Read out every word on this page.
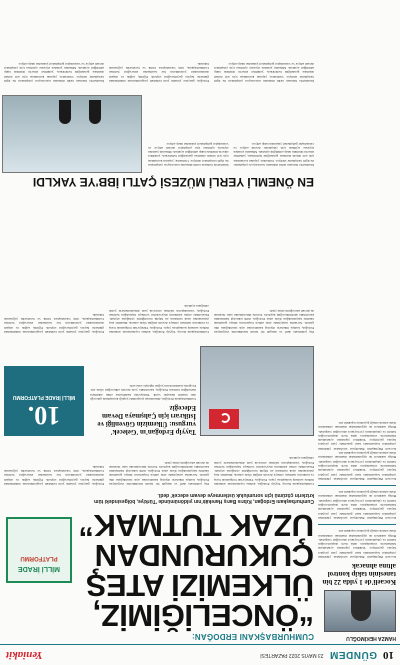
10
GÜNDEM
23 MAYIS 2022 PAZARTESİ
Yeniakit
HAMZA HEKİMOĞLU
Kocaeli'de 1 yılda 22 bin tanesinin takip kontrol altına alınacak
Kocaeli Büyükşehir Belediyesi tarafından yürütülen çalışmalar kapsamında kent genelinde yeni projeler hayata geçiriliyor. Yetkililer yaptıkları açıklamada hizmetlerin vatandaşlara daha hızlı ulaştırılacağını belirtti ve çalışmaların yıl boyunca süreceğini vurguladı. Bölge sakinleri de uygulamadan memnun olduklarını ifade ederek emeği geçenlere teşekkür etti.
Kocaeli Büyükşehir Belediyesi tarafından yürütülen çalışmalar kapsamında kent genelinde yeni projeler hayata geçiriliyor. Yetkililer yaptıkları açıklamada hizmetlerin vatandaşlara daha hızlı ulaştırılacağını belirtti ve çalışmaların yıl boyunca süreceğini vurguladı. Bölge sakinleri de uygulamadan memnun olduklarını ifade ederek emeği geçenlere teşekkür etti.
Kocaeli Büyükşehir Belediyesi tarafından yürütülen çalışmalar kapsamında kent genelinde yeni projeler hayata geçiriliyor. Yetkililer yaptıkları açıklamada hizmetlerin vatandaşlara daha hızlı ulaştırılacağını belirtti ve çalışmaların yıl boyunca süreceğini vurguladı. Bölge sakinleri de uygulamadan memnun olduklarını ifade ederek emeği geçenlere teşekkür etti.
Kocaeli Büyükşehir Belediyesi tarafından yürütülen çalışmalar kapsamında kent genelinde yeni projeler hayata geçiriliyor. Yetkililer yaptıkları açıklamada hizmetlerin vatandaşlara daha hızlı ulaştırılacağını belirtti ve çalışmaların yıl boyunca süreceğini vurguladı. Bölge sakinleri de uygulamadan memnun olduklarını ifade ederek emeği geçenlere teşekkür etti.
CUMHURBAŞKANI ERDOĞAN:
“ÖNCELİĞİMİZ, ÜLKEMİZİ ATEŞ ÇUKURUNDAN UZAK TUTMAK”
MİLLİ İRADE
PLATFORMU
Cumhurbaşkanı Erdoğan, Kıbrıs Barış Harekâtı'nın yıldönümünde 'Türkiye, bölgesindeki tüm krizlerin çözümü için sorumluluk üstlenmeye devam edecek' dedi.
Cumhurbaşkanı Recep Tayyip Erdoğan, kabine toplantısının ardından millete sesleniş konuşması yaptı. Erdoğan, Türkiye'nin bölgesinde barış ve istikrarın teminatı olmaya devam ettiğini ifade ederek, ülkemizi ateş çukurundan uzak tutmanın en büyük önceliğimiz olduğunu söyledi. Ekonomide atılan adımların meyvelerini vermeye başladığını belirten Erdoğan, vatandaşların refahını artıracak yeni düzenlemelerin yolda olduğunu açıkladı.
Dış politikada aktif ve dengeli bir tutum izlediklerini vurgulayan Erdoğan, komşu ülkelerle diyalog kanallarının açık tutulduğunu dile getirdi. Savunma sanayiinde elde edilen başarıların dünya genelinde takdirle karşılandığını ifade eden Erdoğan, milli teknoloji hamlesinin kararlılıkla sürdürüleceğini kaydetti. Terörle mücadelenin sınır ötesinde de devam edeceğinin altını çizdi.
Erdoğan, gençlere yönelik yeni istihdam programlarının önümüzdeki günlerde hayata geçirileceğini söyledi. Eğitim, sağlık ve ulaşım alanlarındaki yatırımların hız kesmeden süreceğini belirten Cumhurbaşkanı, tüm vatandaşlara birlik ve beraberlik çağrısında bulundu.
10.
MİLLİ İRADE PLATFORMU
Tayyip Erdoğan'ın 'Gelecek' vurgusu: Ülkemizin Güvenliği ve İstikrarı için Çalışmaya Devam Edeceğiz
Cumhurbaşkanı Erdoğan, düzenlenen programda yaptığı konuşmada geleceğe dair önemli mesajlar verdi. Türkiye'nin hedeflerine emin adımlarla ilerlediğini belirten Erdoğan, kararlılıkla yola devam edileceğini ifade etti. Program, katılımcıların yoğun ilgisiyle sona erdi.
Dış politikada aktif ve dengeli bir tutum izlediklerini vurgulayan Erdoğan, komşu ülkelerle diyalog kanallarının açık tutulduğunu dile getirdi. Savunma sanayiinde elde edilen başarıların dünya genelinde takdirle karşılandığını ifade eden Erdoğan, milli teknoloji hamlesinin kararlılıkla sürdürüleceğini kaydetti. Terörle mücadelenin sınır ötesinde de devam edeceğinin altını çizdi.
Cumhurbaşkanı Recep Tayyip Erdoğan, kabine toplantısının ardından millete sesleniş konuşması yaptı. Erdoğan, Türkiye'nin bölgesinde barış ve istikrarın teminatı olmaya devam ettiğini ifade ederek, ülkemizi ateş çukurundan uzak tutmanın en büyük önceliğimiz olduğunu söyledi. Ekonomide atılan adımların meyvelerini vermeye başladığını belirten Erdoğan, vatandaşların refahını artıracak yeni düzenlemelerin yolda olduğunu açıkladı.
Erdoğan, gençlere yönelik yeni istihdam programlarının önümüzdeki günlerde hayata geçirileceğini söyledi. Eğitim, sağlık ve ulaşım alanlarındaki yatırımların hız kesmeden süreceğini belirten Cumhurbaşkanı, tüm vatandaşlara birlik ve beraberlik çağrısında bulundu.
EN ÖNEMLİ YERLİ MÜZESİ ÇATLI İBB'YE YAKLDI
İstanbul'da bulunan tarihi müzenin restorasyon çalışmaları ile ilgili tartışmalar sürüyor. Uzmanlar, yapının korunması için acil önlem alınması gerektiğini belirtirken, yetkililer sürecin titizlikle takip edildiğini açıkladı. Müzenin yeniden ziyarete açılması için çalışmalar devam ediyor ve vatandaşlar gelişmeleri yakından takip ediyor.
İstanbul'da bulunan tarihi müzenin restorasyon çalışmaları ile ilgili tartışmalar sürüyor. Uzmanlar, yapının korunması için acil önlem alınması gerektiğini belirtirken, yetkililer sürecin titizlikle takip edildiğini açıkladı. Müzenin yeniden ziyarete açılması için çalışmalar devam ediyor ve vatandaşlar gelişmeleri yakından takip ediyor.
İstanbul'da bulunan tarihi müzenin restorasyon çalışmaları ile ilgili tartışmalar sürüyor. Uzmanlar, yapının korunması için acil önlem alınması gerektiğini belirtirken, yetkililer sürecin titizlikle takip edildiğini açıkladı. Müzenin yeniden ziyarete açılması için çalışmalar devam ediyor ve vatandaşlar gelişmeleri yakından takip ediyor.
Erdoğan, gençlere yönelik yeni istihdam programlarının önümüzdeki günlerde hayata geçirileceğini söyledi. Eğitim, sağlık ve ulaşım alanlarındaki yatırımların hız kesmeden süreceğini belirten Cumhurbaşkanı, tüm vatandaşlara birlik ve beraberlik çağrısında bulundu.
İstanbul'da bulunan tarihi müzenin restorasyon çalışmaları ile ilgili tartışmalar sürüyor. Uzmanlar, yapının korunması için acil önlem alınması gerektiğini belirtirken, yetkililer sürecin titizlikle takip edildiğini açıkladı. Müzenin yeniden ziyarete açılması için çalışmalar devam ediyor ve vatandaşlar gelişmeleri yakından takip ediyor.
